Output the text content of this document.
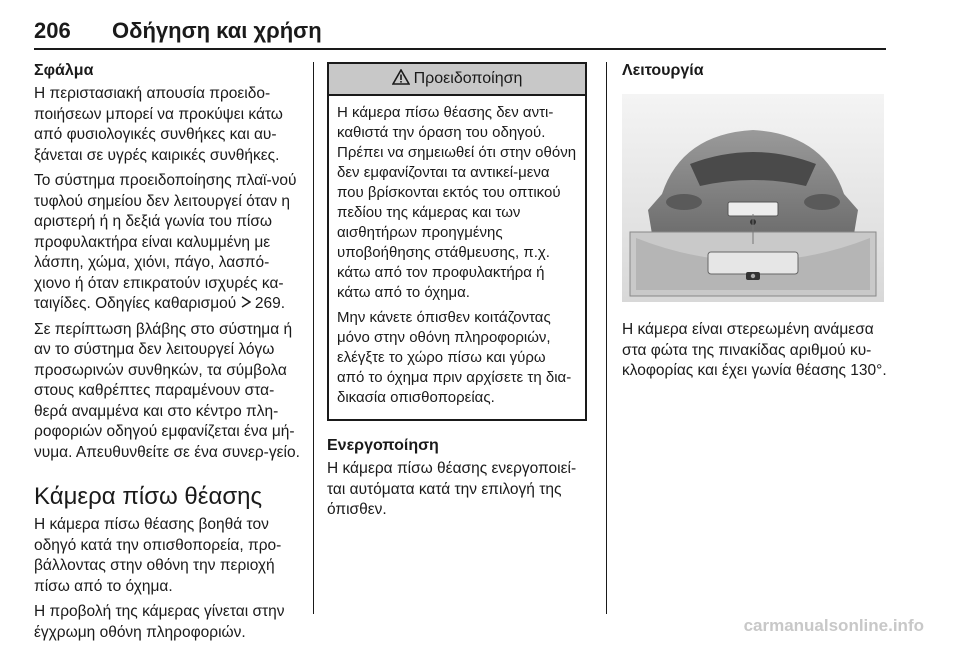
206	Οδήγηση και χρήση
Σφάλμα

Η περιστασιακή απουσία προειδο-ποιήσεων μπορεί να προκύψει κάτω από φυσιολογικές συνθήκες και αυ-ξάνεται σε υγρές καιρικές συνθήκες.

Το σύστημα προειδοποίησης πλαϊ-νού τυφλού σημείου δεν λειτουργεί όταν η αριστερή ή η δεξιά γωνία του πίσω προφυλακτήρα είναι καλυμμένη με λάσπη, χώμα, χιόνι, πάγο, λασπό-χιονο ή όταν επικρατούν ισχυρές κα-ταιγίδες. Οδηγίες καθαρισμού 269.

Σε περίπτωση βλάβης στο σύστημα ή αν το σύστημα δεν λειτουργεί λόγω προσωρινών συνθηκών, τα σύμβολα στους καθρέπτες παραμένουν στα-θερά αναμμένα και στο κέντρο πλη-ροφοριών οδηγού εμφανίζεται ένα μή-νυμα. Απευθυνθείτε σε ένα συνερ-γείο.

Κάμερα πίσω θέασης

Η κάμερα πίσω θέασης βοηθά τον οδηγό κατά την οπισθοπορεία, προ-βάλλοντας στην οθόνη την περιοχή πίσω από το όχημα.

Η προβολή της κάμερας γίνεται στην έγχρωμη οθόνη πληροφοριών.

Προειδοποίηση

Η κάμερα πίσω θέασης δεν αντι-καθιστά την όραση του οδηγού. Πρέπει να σημειωθεί ότι στην οθόνη δεν εμφανίζονται τα αντικεί-μενα που βρίσκονται εκτός του οπτικού πεδίου της κάμερας και των αισθητήρων προηγμένης υποβοήθησης στάθμευσης, π.χ. κάτω από τον προφυλακτήρα ή κάτω από το όχημα.

Μην κάνετε όπισθεν κοιτάζοντας μόνο στην οθόνη πληροφοριών, ελέγξτε το χώρο πίσω και γύρω από το όχημα πριν αρχίσετε τη δια-δικασία οπισθοπορείας.

Ενεργοποίηση

Η κάμερα πίσω θέασης ενεργοποιεί-ται αυτόματα κατά την επιλογή της όπισθεν.

Λειτουργία

Η κάμερα είναι στερεωμένη ανάμεσα στα φώτα της πινακίδας αριθμού κυ-κλοφορίας και έχει γωνία θέασης 130°.

carmanualsonline.info
